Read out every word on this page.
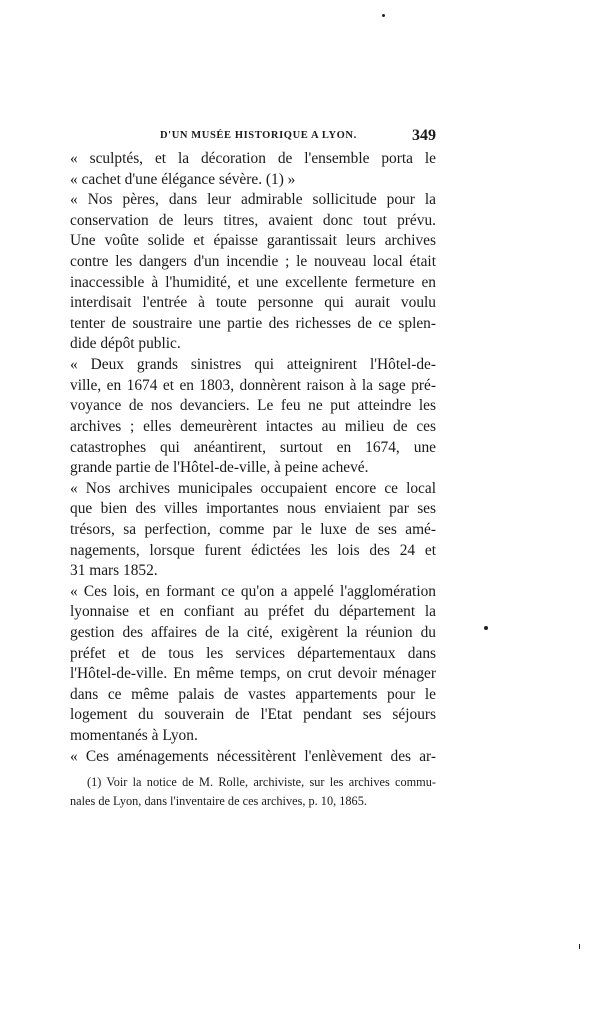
D'UN MUSÉE HISTORIQUE A LYON.	349
« sculptés, et la décoration de l'ensemble porta le
« cachet d'une élégance sévère. (1) »
« Nos pères, dans leur admirable sollicitude pour la
conservation de leurs titres, avaient donc tout prévu.
Une voûte solide et épaisse garantissait leurs archives
contre les dangers d'un incendie ; le nouveau local était
inaccessible à l'humidité, et une excellente fermeture en
interdisait l'entrée à toute personne qui aurait voulu
tenter de soustraire une partie des richesses de ce splen-
dide dépôt public.
« Deux grands sinistres qui atteignirent l'Hôtel-de-
ville, en 1674 et en 1803, donnèrent raison à la sage pré-
voyance de nos devanciers. Le feu ne put atteindre les
archives ; elles demeurèrent intactes au milieu de ces
catastrophes qui anéantirent, surtout en 1674, une
grande partie de l'Hôtel-de-ville, à peine achevé.
« Nos archives municipales occupaient encore ce local
que bien des villes importantes nous enviaient par ses
trésors, sa perfection, comme par le luxe de ses amé-
nagements, lorsque furent édictées les lois des 24 et
31 mars 1852.
« Ces lois, en formant ce qu'on a appelé l'agglomération
lyonnaise et en confiant au préfet du département la
gestion des affaires de la cité, exigèrent la réunion du
préfet et de tous les services départementaux dans
l'Hôtel-de-ville. En même temps, on crut devoir ménager
dans ce même palais de vastes appartements pour le
logement du souverain de l'Etat pendant ses séjours
momentanés à Lyon.
« Ces aménagements nécessitèrent l'enlèvement des ar-
(1) Voir la notice de M. Rolle, archiviste, sur les archives commu-
nales de Lyon, dans l'inventaire de ces archives, p. 10, 1865.
